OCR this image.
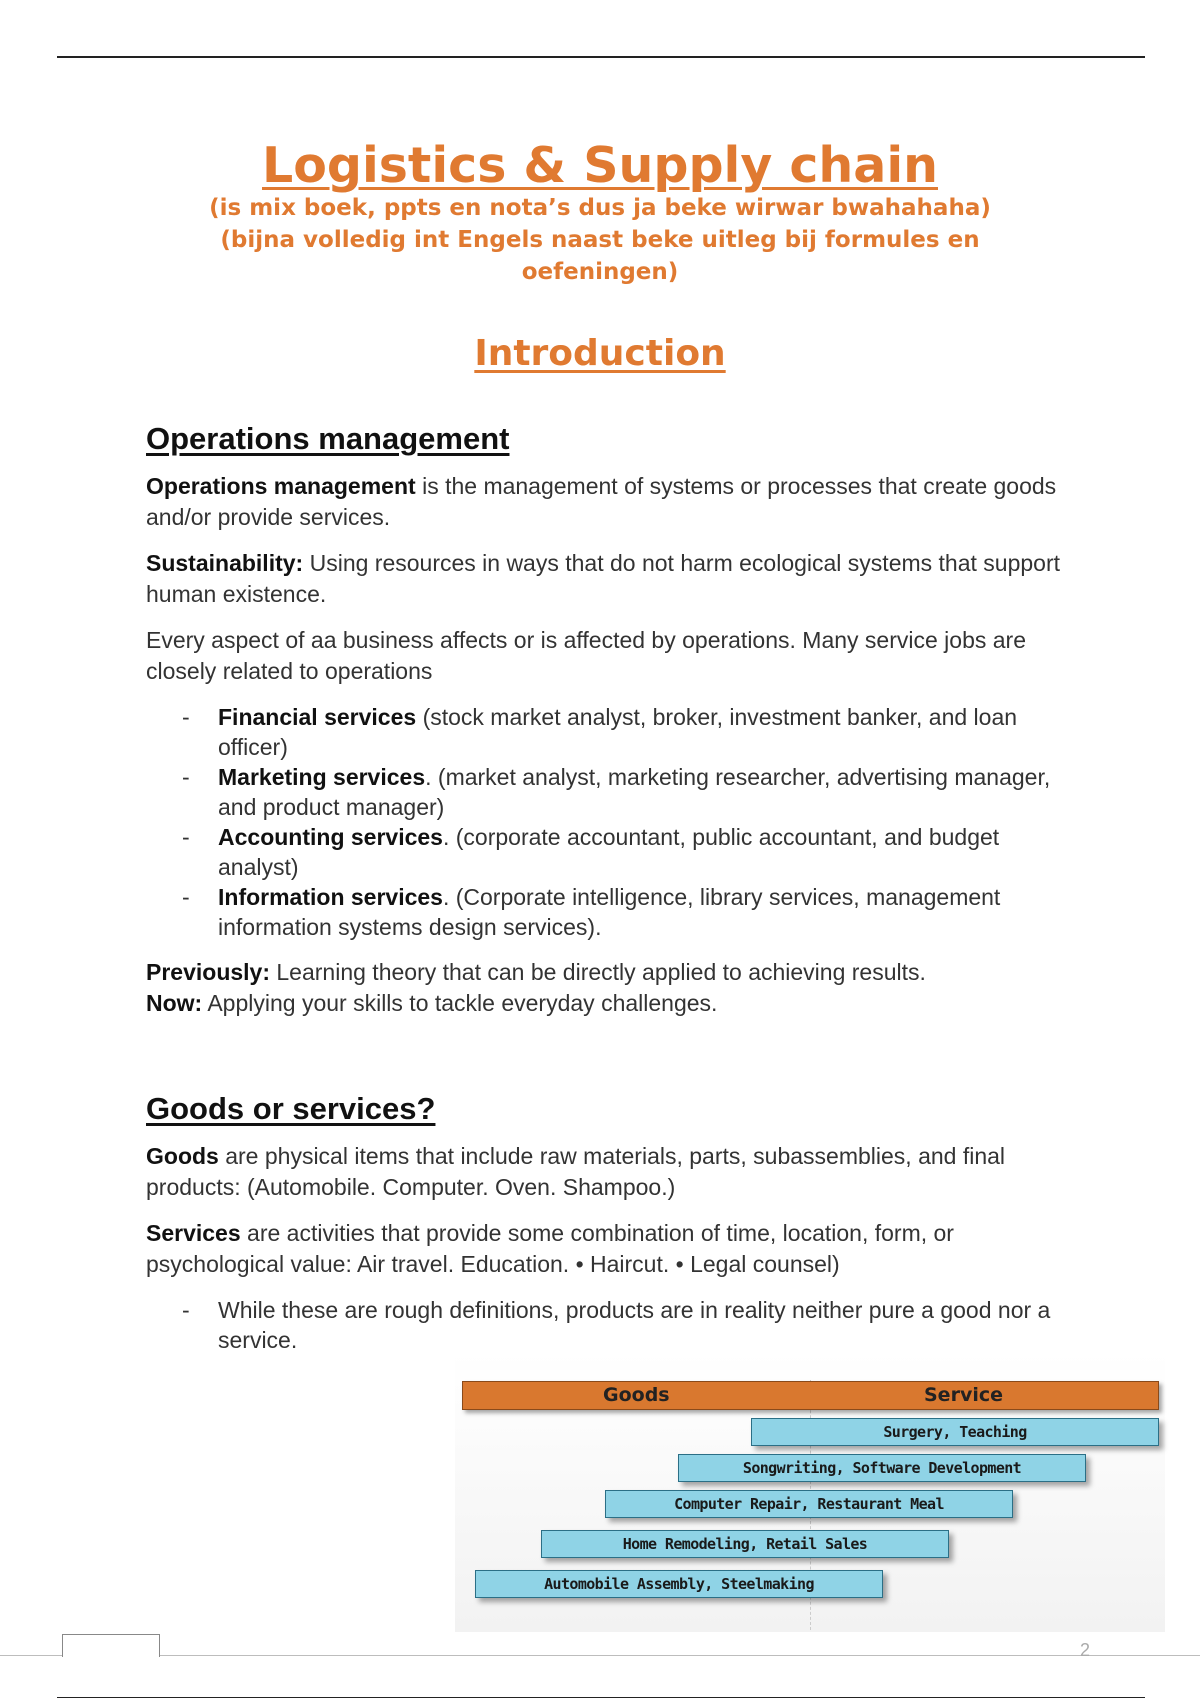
Logistics & Supply chain
(is mix boek, ppts en nota’s dus ja beke wirwar bwahahaha)
(bijna volledig int Engels naast beke uitleg bij formules en
oefeningen)
Introduction
Operations management

Operations management is the management of systems or processes that create goods and/or provide services.

Sustainability: Using resources in ways that do not harm ecological systems that support human existence.

Every aspect of aa business affects or is affected by operations. Many service jobs are closely related to operations

- Financial services (stock market analyst, broker, investment banker, and loan officer)
- Marketing services. (market analyst, marketing researcher, advertising manager, and product manager)
- Accounting services. (corporate accountant, public accountant, and budget analyst)
- Information services. (Corporate intelligence, library services, management information systems design services).

Previously: Learning theory that can be directly applied to achieving results.

Now: Applying your skills to tackle everyday challenges.

Goods or services?

Goods are physical items that include raw materials, parts, subassemblies, and final products: (Automobile. Computer. Oven. Shampoo.)

Services are activities that provide some combination of time, location, form, or psychological value: Air travel. Education. • Haircut. • Legal counsel)

- While these are rough definitions, products are in reality neither pure a good nor a service.
Goods	Service
Surgery, Teaching
Songwriting, Software Development
Computer Repair, Restaurant Meal
Home Remodeling, Retail Sales
Automobile Assembly, Steelmaking
2
